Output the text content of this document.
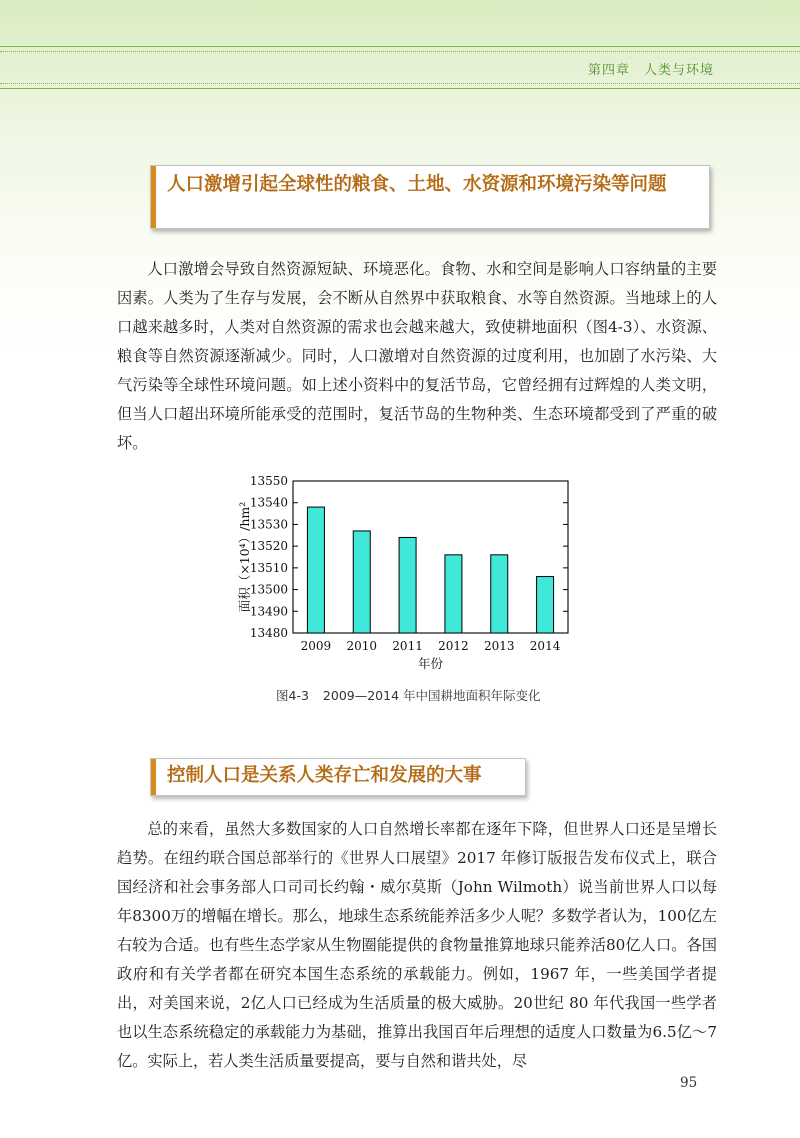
第四章 人类与环境
人口激增引起全球性的粮食、土地、水资源和环境污染等问题

人口激增会导致自然资源短缺、环境恶化。食物、水和空间是影响人口容纳量的主要因素。人类为了生存与发展，会不断从自然界中获取粮食、水等自然资源。当地球上的人口越来越多时，人类对自然资源的需求也会越来越大，致使耕地面积（图4-3）、水资源、粮食等自然资源逐渐减少。同时，人口激增对自然资源的过度利用，也加剧了水污染、大气污染等全球性环境问题。如上述小资料中的复活节岛，它曾经拥有过辉煌的人类文明，但当人口超出环境所能承受的范围时，复活节岛的生物种类、生态环境都受到了严重的破坏。

13480
13490
13500
13510
13520
13530
13540
13550
2009 2010 2011 2012 2013 2014
年份
面积（×10⁴）/hm²
图4-3 2009—2014 年中国耕地面积年际变化
控制人口是关系人类存亡和发展的大事

总的来看，虽然大多数国家的人口自然增长率都在逐年下降，但世界人口还是呈增长趋势。在纽约联合国总部举行的《世界人口展望》2017 年修订版报告发布仪式上，联合国经济和社会事务部人口司司长约翰・威尔莫斯（John Wilmoth）说当前世界人口以每年8300万的增幅在增长。那么，地球生态系统能养活多少人呢？多数学者认为，100亿左右较为合适。也有些生态学家从生物圈能提供的食物量推算地球只能养活80亿人口。各国政府和有关学者都在研究本国生态系统的承载能力。例如，1967 年，一些美国学者提出，对美国来说，2亿人口已经成为生活质量的极大威胁。20世纪 80 年代我国一些学者也以生态系统稳定的承载能力为基础，推算出我国百年后理想的适度人口数量为6.5亿～7亿。实际上，若人类生活质量要提高，要与自然和谐共处，尽

95
